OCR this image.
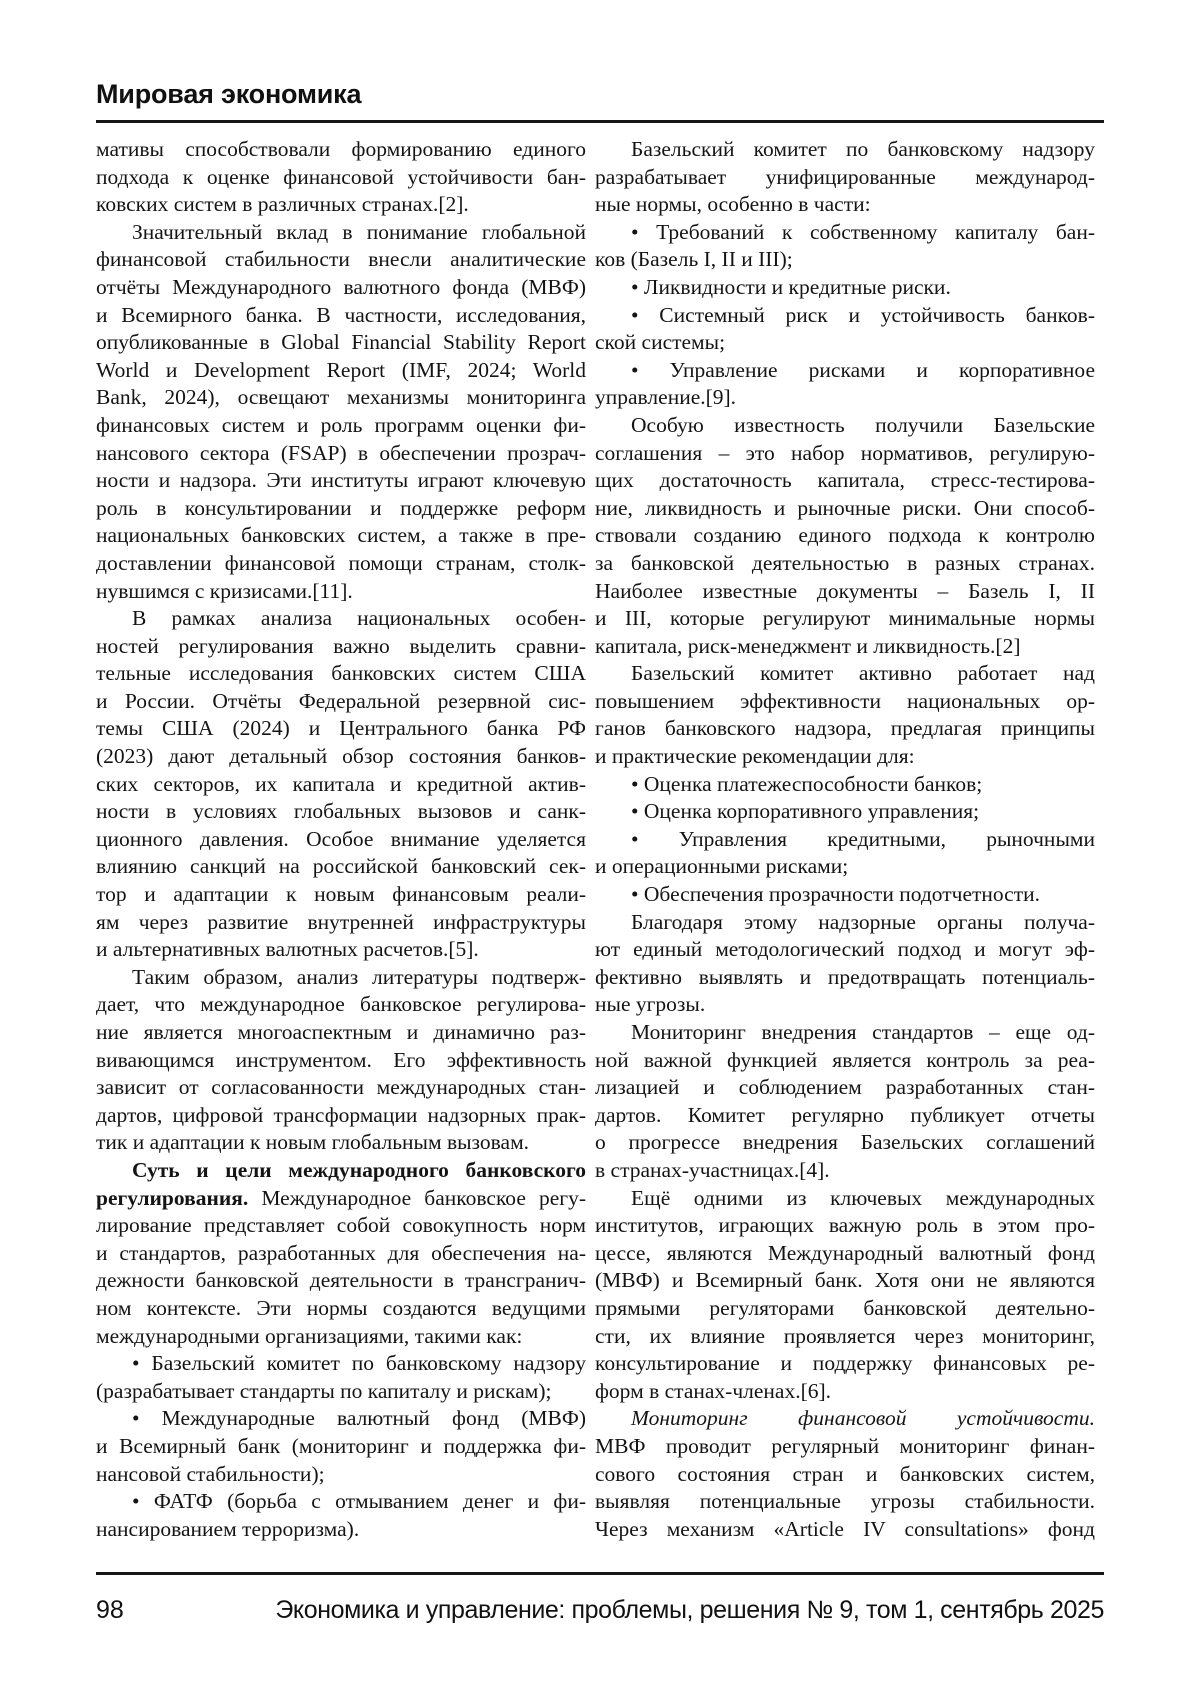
Мировая экономика
мативы способствовали формированию единого
подхода к оценке финансовой устойчивости бан-
ковских систем в различных странах.[2].
Значительный вклад в понимание глобальной
финансовой стабильности внесли аналитические
отчёты Международного валютного фонда (МВФ)
и Всемирного банка. В частности, исследования,
опубликованные в Global Financial Stability Report
World и Development Report (IMF, 2024; World
Bank, 2024), освещают механизмы мониторинга
финансовых систем и роль программ оценки фи-
нансового сектора (FSAP) в обеспечении прозрач-
ности и надзора. Эти институты играют ключевую
роль в консультировании и поддержке реформ
национальных банковских систем, а также в пре-
доставлении финансовой помощи странам, столк-
нувшимся с кризисами.[11].
В рамках анализа национальных особен-
ностей регулирования важно выделить сравни-
тельные исследования банковских систем США
и России. Отчёты Федеральной резервной сис-
темы США (2024) и Центрального банка РФ
(2023) дают детальный обзор состояния банков-
ских секторов, их капитала и кредитной актив-
ности в условиях глобальных вызовов и санк-
ционного давления. Особое внимание уделяется
влиянию санкций на российской банковский сек-
тор и адаптации к новым финансовым реали-
ям через развитие внутренней инфраструктуры
и альтернативных валютных расчетов.[5].
Таким образом, анализ литературы подтверж-
дает, что международное банковское регулирова-
ние является многоаспектным и динамично раз-
вивающимся инструментом. Его эффективность
зависит от согласованности международных стан-
дартов, цифровой трансформации надзорных прак-
тик и адаптации к новым глобальным вызовам.
Суть и цели международного банковского
регулирования. Международное банковское регу-
лирование представляет собой совокупность норм
и стандартов, разработанных для обеспечения на-
дежности банковской деятельности в трансгранич-
ном контексте. Эти нормы создаются ведущими
международными организациями, такими как:
• Базельский комитет по банковскому надзору
(разрабатывает стандарты по капиталу и рискам);
• Международные валютный фонд (МВФ)
и Всемирный банк (мониторинг и поддержка фи-
нансовой стабильности);
• ФАТФ (борьба с отмыванием денег и фи-
нансированием терроризма).
Базельский комитет по банковскому надзору
разрабатывает унифицированные международ-
ные нормы, особенно в части:
• Требований к собственному капиталу бан-
ков (Базель I, II и III);
• Ликвидности и кредитные риски.
• Системный риск и устойчивость банков-
ской системы;
• Управление рисками и корпоративное
управление.[9].
Особую известность получили Базельские
соглашения – это набор нормативов, регулирую-
щих достаточность капитала, стресс-тестирова-
ние, ликвидность и рыночные риски. Они способ-
ствовали созданию единого подхода к контролю
за банковской деятельностью в разных странах.
Наиболее известные документы – Базель I, II
и III, которые регулируют минимальные нормы
капитала, риск-менеджмент и ликвидность.[2]
Базельский комитет активно работает над
повышением эффективности национальных ор-
ганов банковского надзора, предлагая принципы
и практические рекомендации для:
• Оценка платежеспособности банков;
• Оценка корпоративного управления;
• Управления кредитными, рыночными
и операционными рисками;
• Обеспечения прозрачности подотчетности.
Благодаря этому надзорные органы получа-
ют единый методологический подход и могут эф-
фективно выявлять и предотвращать потенциаль-
ные угрозы.
Мониторинг внедрения стандартов – еще од-
ной важной функцией является контроль за реа-
лизацией и соблюдением разработанных стан-
дартов. Комитет регулярно публикует отчеты
о прогрессе внедрения Базельских соглашений
в странах-участницах.[4].
Ещё одними из ключевых международных
институтов, играющих важную роль в этом про-
цессе, являются Международный валютный фонд
(МВФ) и Всемирный банк. Хотя они не являются
прямыми регуляторами банковской деятельно-
сти, их влияние проявляется через мониторинг,
консультирование и поддержку финансовых ре-
форм в станах-членах.[6].
Мониторинг финансовой устойчивости.
МВФ проводит регулярный мониторинг финан-
сового состояния стран и банковских систем,
выявляя потенциальные угрозы стабильности.
Через механизм «Article IV consultations» фонд
98	Экономика и управление: проблемы, решения № 9, том 1, сентябрь 2025
